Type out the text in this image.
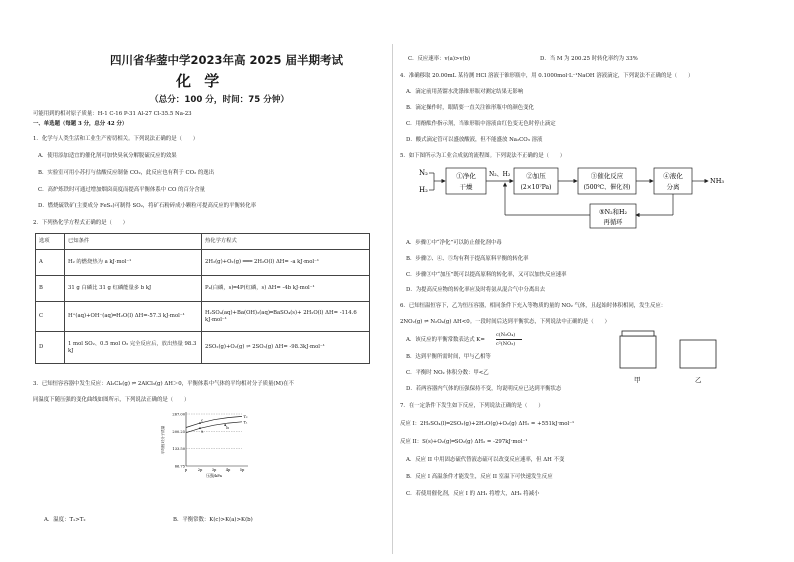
四川省华蓥中学2023年高 2025 届半期考试
化 学
（总分：100 分，时间：75 分钟）
可能用到的相对原子质量：H-1 C-16 P-31 Al-27 Cl-35.5 Na-23
一、单选题（每题 3 分，总分 42 分）
1．化学与人类生活和工业生产密切相关。下列说法正确的是（　　）
A．使用添加适宜的催化剂可加快臭氧分解脱硫反应的效果
B．实验室可用小苏打与盐酸反应制备 CO₂，此反应也有利于 CO₂ 的逸出
C．高炉炼铁时可通过增加烟囱高度而提高平衡体系中 CO 的百分含量
D．燃烧硫铁矿(主要成分 FeS₂)可制得 SO₂，将矿石粉碎成小颗粒可提高反应的平衡转化率
2．下列热化学方程式正确的是（　　）
选项	已知条件	热化学方程式
A	H₂ 的燃烧热为 a kJ·mol⁻¹	2H₂(g)+O₂(g) ═══ 2H₂O(l) ΔH= -a kJ·mol⁻¹
B	31 g 白磷比 31 g 红磷能量多 b kJ	P₄(白磷，s)═4P(红磷，s) ΔH= -4b kJ·mol⁻¹
C	H⁺(aq)+OH⁻(aq)═H₂O(l) ΔH=-57.3 kJ·mol⁻¹	H₂SO₄(aq)+Ba(OH)₂(aq)═BaSO₄(s)+ 2H₂O(l) ΔH= -114.6 kJ·mol⁻¹
D	1 mol SO₂、0.5 mol O₂ 完全反应后，放出热量 98.3 kJ	2SO₂(g)+O₂(g) ⇌ 2SO₃(g) ΔH= -98.3kJ·mol⁻¹
3．已知恒容容器中发生反应：Al₂Cl₆(g) ⇌ 2AlCl₃(g) ΔH＞0，平衡体系中气体的平均相对分子质量(M)在不
同温度下随压强的变化曲线如图所示，下列说法正确的是（　　）
267.00
200.25
133.50
66.75
p	2p	3p	4p	5p
压强/kPa
平均相对分子质量
T₂
T₁
a
b
c
A．温度：T₁>T₂	B．平衡常数：K(c)>K(a)>K(b)
C．反应速率：v(a)>v(b)	D．当 M 为 200.25 时转化率约为 33%
4．准确移取 20.00mL 某待测 HCl 溶液于锥形瓶中，用 0.1000mol·L⁻¹NaOH 溶液滴定，下列说法不正确的是（　　）
A．滴定前用蒸馏水洗涤锥形瓶对测定结果无影响
B．滴定操作时，眼睛要一直关注锥形瓶中的颜色变化
C．用酚酞作指示剂，当锥形瓶中溶液由红色变无色时停止滴定
D．酸式滴定管可以盛放酸液，但不能盛放 Na₂CO₃ 溶液
5．如下图所示为工业合成氨的流程图。下列说法不正确的是（　　）
N₂
H₂
①净化
干燥
N₂、H₂ ②加压
(2×10⁷Pa)
③催化反应
(500℃、催化剂)
④液化
分离
NH₃
⑤N₂和H₂
再循环
A．步骤①中“净化”可以防止催化剂中毒
B．步骤②、④、⑤均有利于提高原料平衡的转化率
C．步骤③中“加压”既可以提高原料的转化率，又可以加快反应速率
D．为提高反应物的转化率应及时将氨从混合气中分离出去
6．已知恒温恒容下，乙为恒压容器，相同条件下充入等物质的量的 NO₂ 气体，且起始时体积相同，发生反应：
2NO₂(g) ⇌ N₂O₄(g) ΔH<0。一段时间后达到平衡状态，下列说法中正确的是（　　）
A．该反应的平衡常数表达式 K=
c(N₂O₄)
c²(NO₂)
B．达到平衡所需时间，甲与乙相等
C．平衡时 NO₂ 体积分数：甲<乙
D．若两容器内气体的压强保持不变，均说明反应已达到平衡状态
甲	乙
7．在一定条件下发生如下反应，下列说法正确的是（　　）
反应 I：2H₂SO₄(l)═2SO₂(g)+2H₂O(g)+O₂(g) ΔH₁ = +551kJ·mol⁻¹
反应 II：S(s)+O₂(g)═SO₂(g) ΔH₂ = -297kJ·mol⁻¹
A．反应 II 中用固态硫代替液态硫可以改变反应速率，但 ΔH 不变
B．反应 I 高温条件才能发生，反应 II 室温下可快速发生反应
C．若使用催化剂，反应 I 的 ΔH₁ 将增大，ΔH₂ 将减小
